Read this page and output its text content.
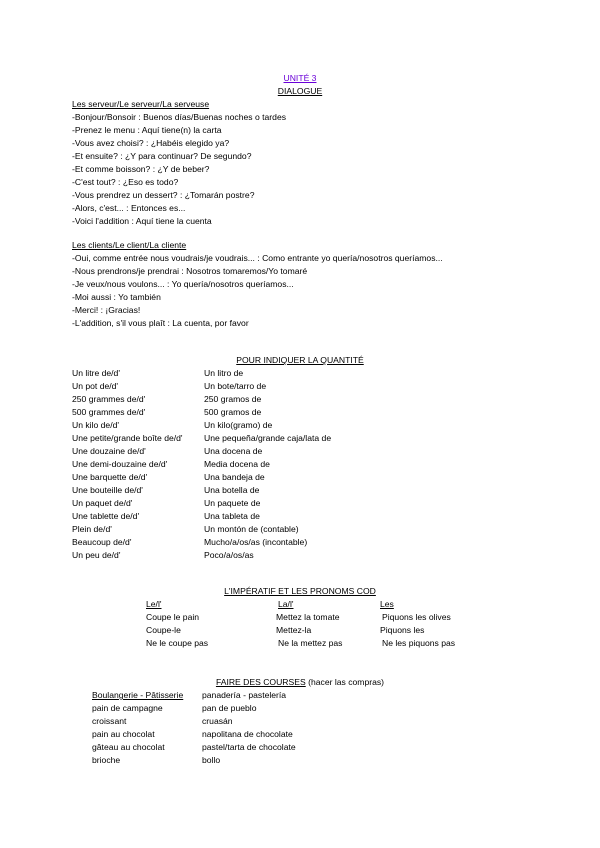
UNITÉ 3
DIALOGUE
Les serveur/Le serveur/La serveuse
-Bonjour/Bonsoir : Buenos días/Buenas noches o tardes
-Prenez le menu : Aquí tiene(n) la carta
-Vous avez choisi? : ¿Habéis elegido ya?
-Et ensuite? : ¿Y para continuar? De segundo?
-Et comme boisson? : ¿Y de beber?
-C'est tout? : ¿Eso es todo?
-Vous prendrez un dessert? : ¿Tomarán postre?
-Alors, c'est... : Entonces es...
-Voici l'addition : Aquí tiene la cuenta
Les clients/Le client/La cliente
-Oui, comme entrée nous voudrais/je voudrais... : Como entrante yo quería/nosotros queríamos...
-Nous prendrons/je prendrai : Nosotros tomaremos/Yo tomaré
-Je veux/nous voulons... : Yo quería/nosotros queríamos...
-Moi aussi : Yo también
-Merci! : ¡Gracias!
-L'addition, s'il vous plaît : La cuenta, por favor
POUR INDIQUER LA QUANTITÉ
Un litre de/d'	Un litro de
Un pot de/d'	Un bote/tarro de
250 grammes de/d'	250 gramos de
500 grammes de/d'	500 gramos de
Un kilo de/d'	Un kilo(gramo) de
Une petite/grande boîte de/d' Une pequeña/grande caja/lata de
Une douzaine de/d'	Una docena de
Une demi-douzaine de/d'	Media docena de
Une barquette de/d'	Una bandeja de
Une bouteille de/d'	Una botella de
Un paquet de/d'	Un paquete de
Une tablette de/d'	Una tableta de
Plein de/d'	Un montón de (contable)
Beaucoup de/d'	Mucho/a/os/as (incontable)
Un peu de/d'	Poco/a/os/as
L'IMPÉRATIF ET LES PRONOMS COD
Le/l'	La/l'	Les
Coupe le pain	Mettez la tomate	Piquons les olives
Coupe-le	Mettez-la	Piquons les
Ne le coupe pas	Ne la mettez pas	Ne les piquons pas
FAIRE DES COURSES (hacer las compras)
Boulangerie - Pâtisserie panadería - pastelería
pain de campagne	pan de pueblo
croissant	cruasán
pain au chocolat	napolitana de chocolate
gâteau au chocolat	pastel/tarta de chocolate
brioche	bollo
